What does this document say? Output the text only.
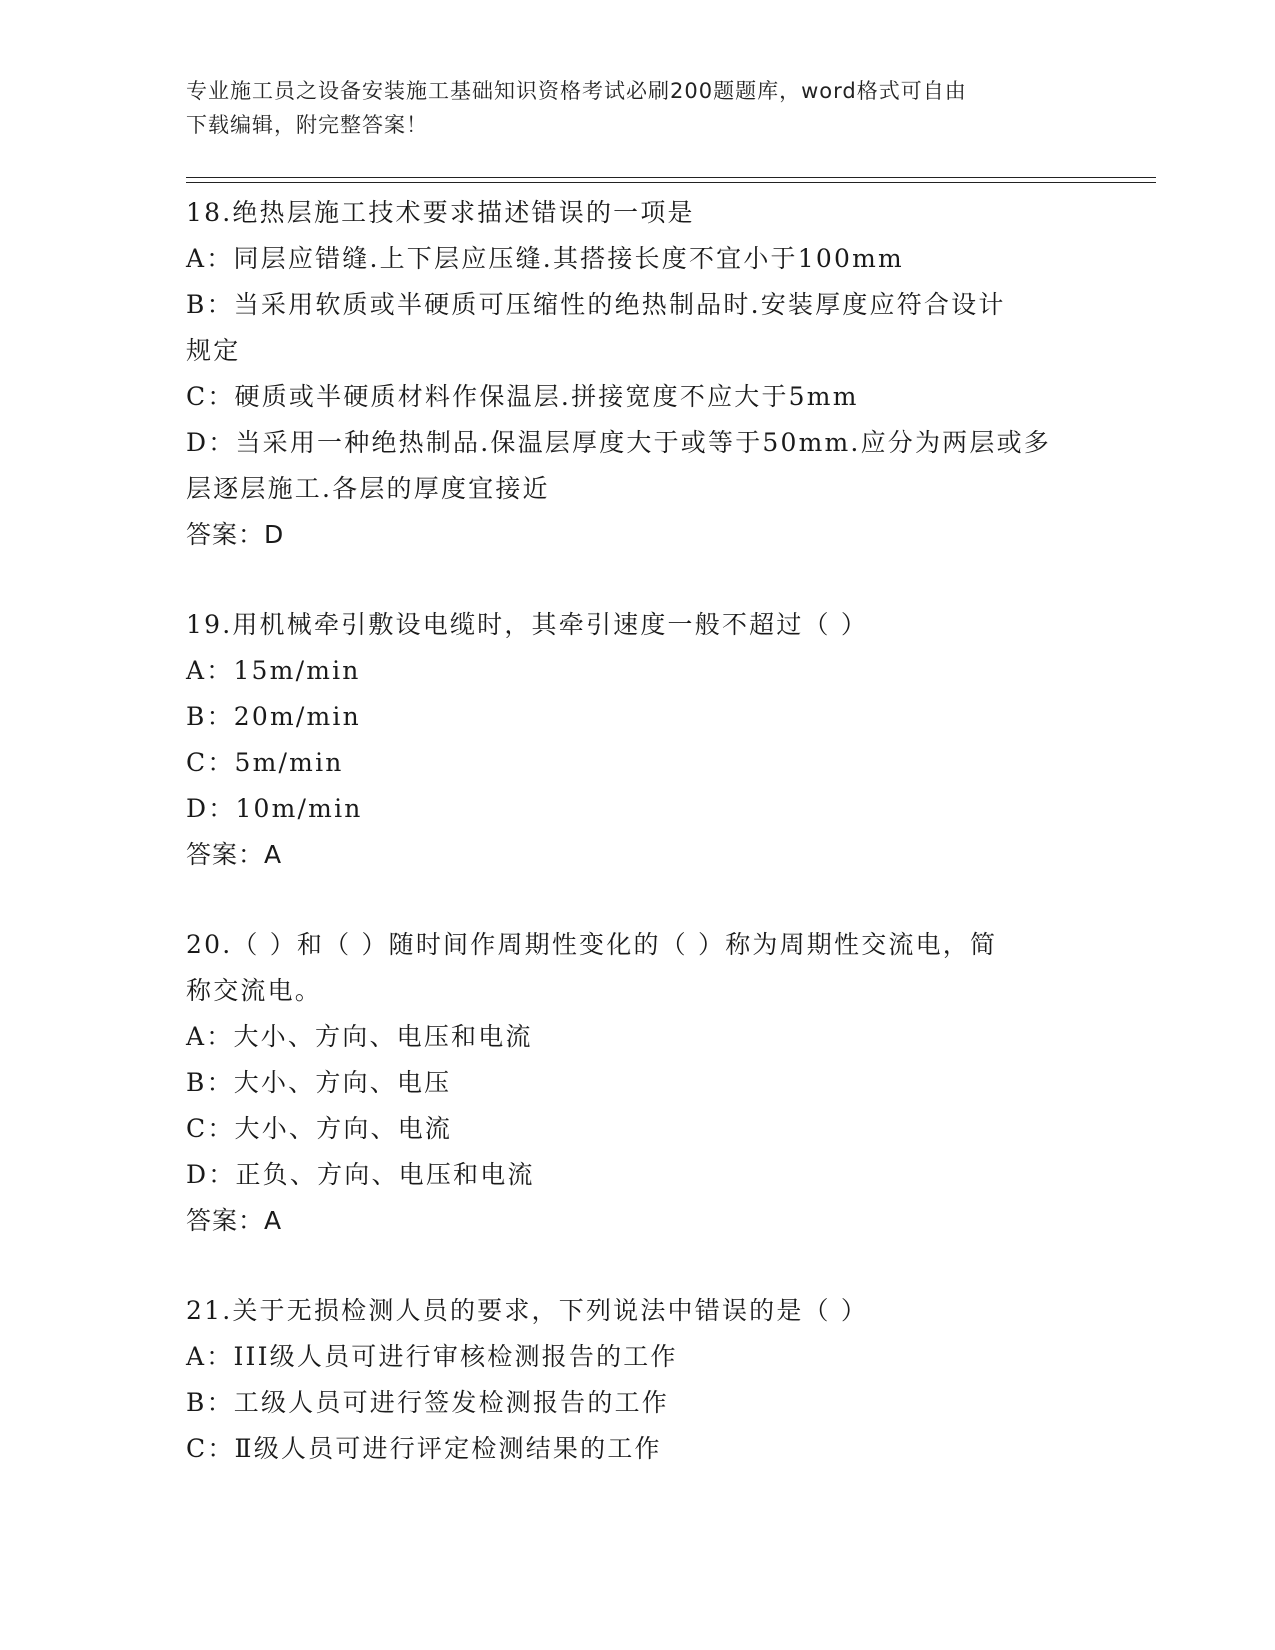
专业施工员之设备安装施工基础知识资格考试必刷200题题库，word格式可自由
下载编辑，附完整答案！
18.绝热层施工技术要求描述错误的一项是
A：同层应错缝.上下层应压缝.其搭接长度不宜小于100mm
B：当采用软质或半硬质可压缩性的绝热制品时.安装厚度应符合设计
规定
C：硬质或半硬质材料作保温层.拼接宽度不应大于5mm
D：当采用一种绝热制品.保温层厚度大于或等于50mm.应分为两层或多
层逐层施工.各层的厚度宜接近
答案：D
19.用机械牵引敷设电缆时，其牵引速度一般不超过（ ）
A：15m/min
B：20m/min
C：5m/min
D：10m/min
答案：A
20.（ ）和（ ）随时间作周期性变化的（ ）称为周期性交流电，简
称交流电。
A：大小、方向、电压和电流
B：大小、方向、电压
C：大小、方向、电流
D：正负、方向、电压和电流
答案：A
21.关于无损检测人员的要求，下列说法中错误的是（ ）
A：III级人员可进行审核检测报告的工作
B：工级人员可进行签发检测报告的工作
C：Ⅱ级人员可进行评定检测结果的工作
